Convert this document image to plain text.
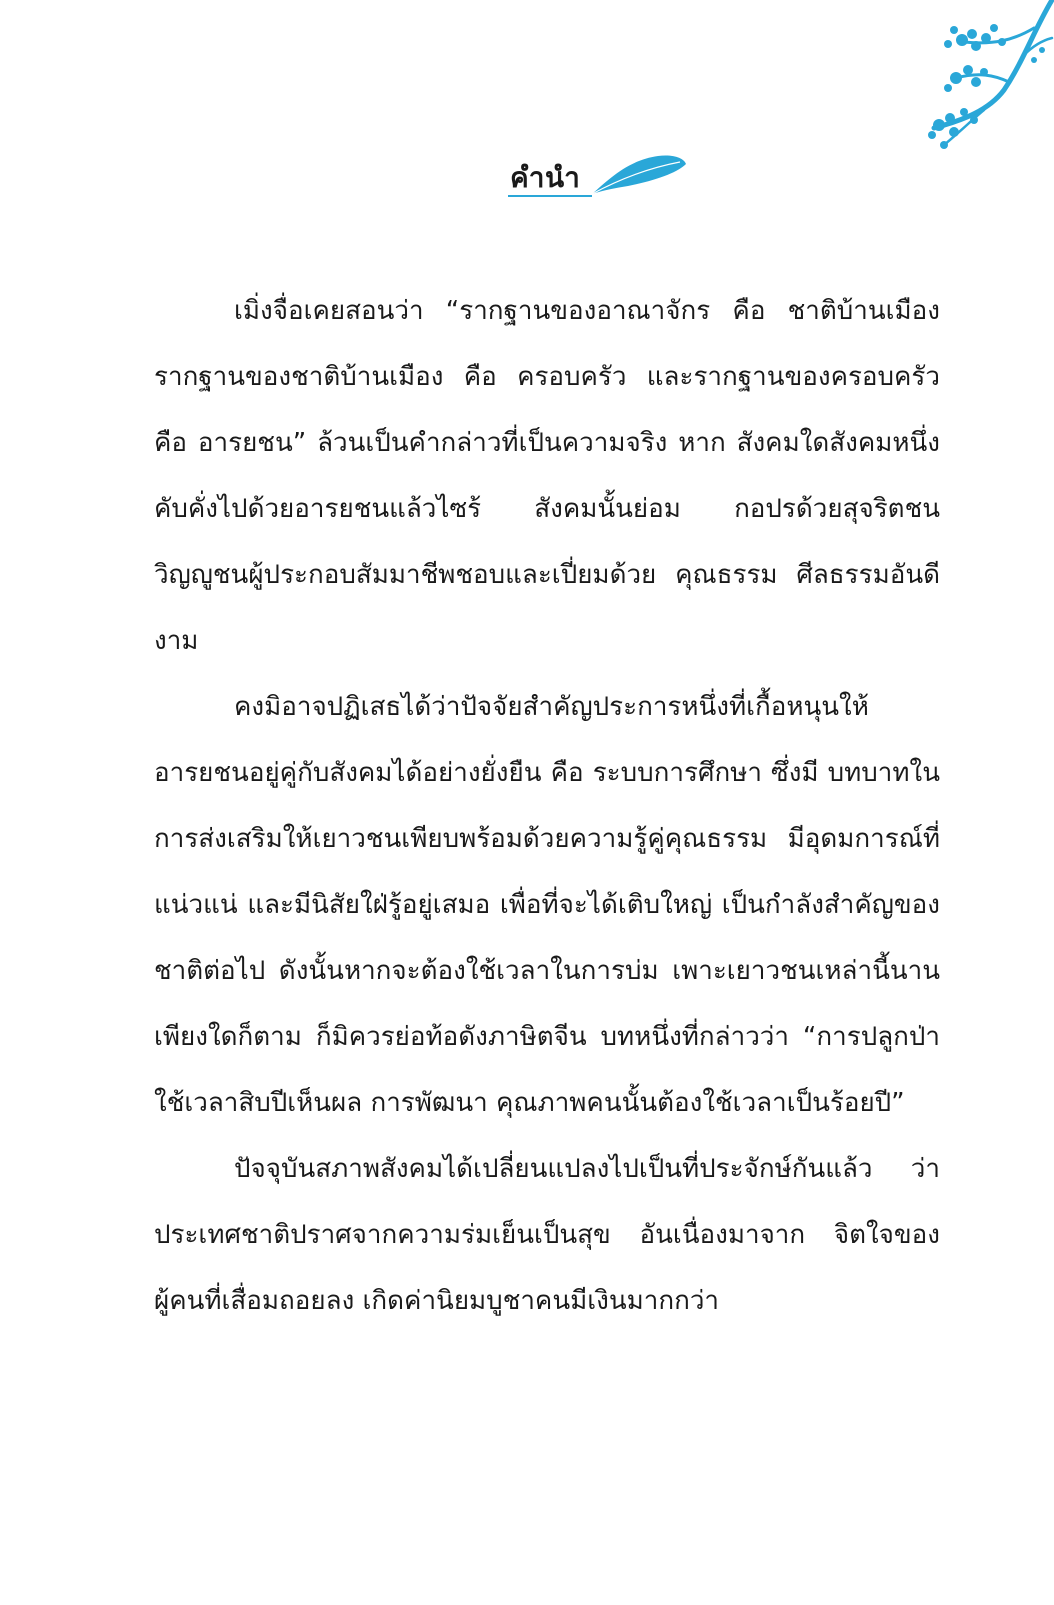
คำนำ

เมิ่งจื่อเคยสอนว่า “รากฐานของอาณาจักร คือ ชาติบ้านเมือง รากฐานของชาติบ้านเมือง คือ ครอบครัว และรากฐานของครอบครัว คือ อารยชน” ล้วนเป็นคำกล่าวที่เป็นความจริง หาก สังคมใดสังคมหนึ่งคับคั่งไปด้วยอารยชนแล้วไซร้ สังคมนั้นย่อม กอปรด้วยสุจริตชน วิญญูชนผู้ประกอบสัมมาชีพชอบและเปี่ยมด้วย คุณธรรม ศีลธรรมอันดีงาม

คงมิอาจปฏิเสธได้ว่าปัจจัยสำคัญประการหนึ่งที่เกื้อหนุนให้ อารยชนอยู่คู่กับสังคมได้อย่างยั่งยืน คือ ระบบการศึกษา ซึ่งมี บทบาทในการส่งเสริมให้เยาวชนเพียบพร้อมด้วยความรู้คู่คุณธรรม มีอุดมการณ์ที่แน่วแน่ และมีนิสัยใฝ่รู้อยู่เสมอ เพื่อที่จะได้เติบใหญ่ เป็นกำลังสำคัญของชาติต่อไป ดังนั้นหากจะต้องใช้เวลาในการบ่ม เพาะเยาวชนเหล่านี้นานเพียงใดก็ตาม ก็มิควรย่อท้อดังภาษิตจีน บทหนึ่งที่กล่าวว่า “การปลูกป่าใช้เวลาสิบปีเห็นผล การพัฒนา คุณภาพคนนั้นต้องใช้เวลาเป็นร้อยปี”

ปัจจุบันสภาพสังคมได้เปลี่ยนแปลงไปเป็นที่ประจักษ์กันแล้ว ว่า ประเทศชาติปราศจากความร่มเย็นเป็นสุข อันเนื่องมาจาก จิตใจของผู้คนที่เสื่อมถอยลง เกิดค่านิยมบูชาคนมีเงินมากกว่า
